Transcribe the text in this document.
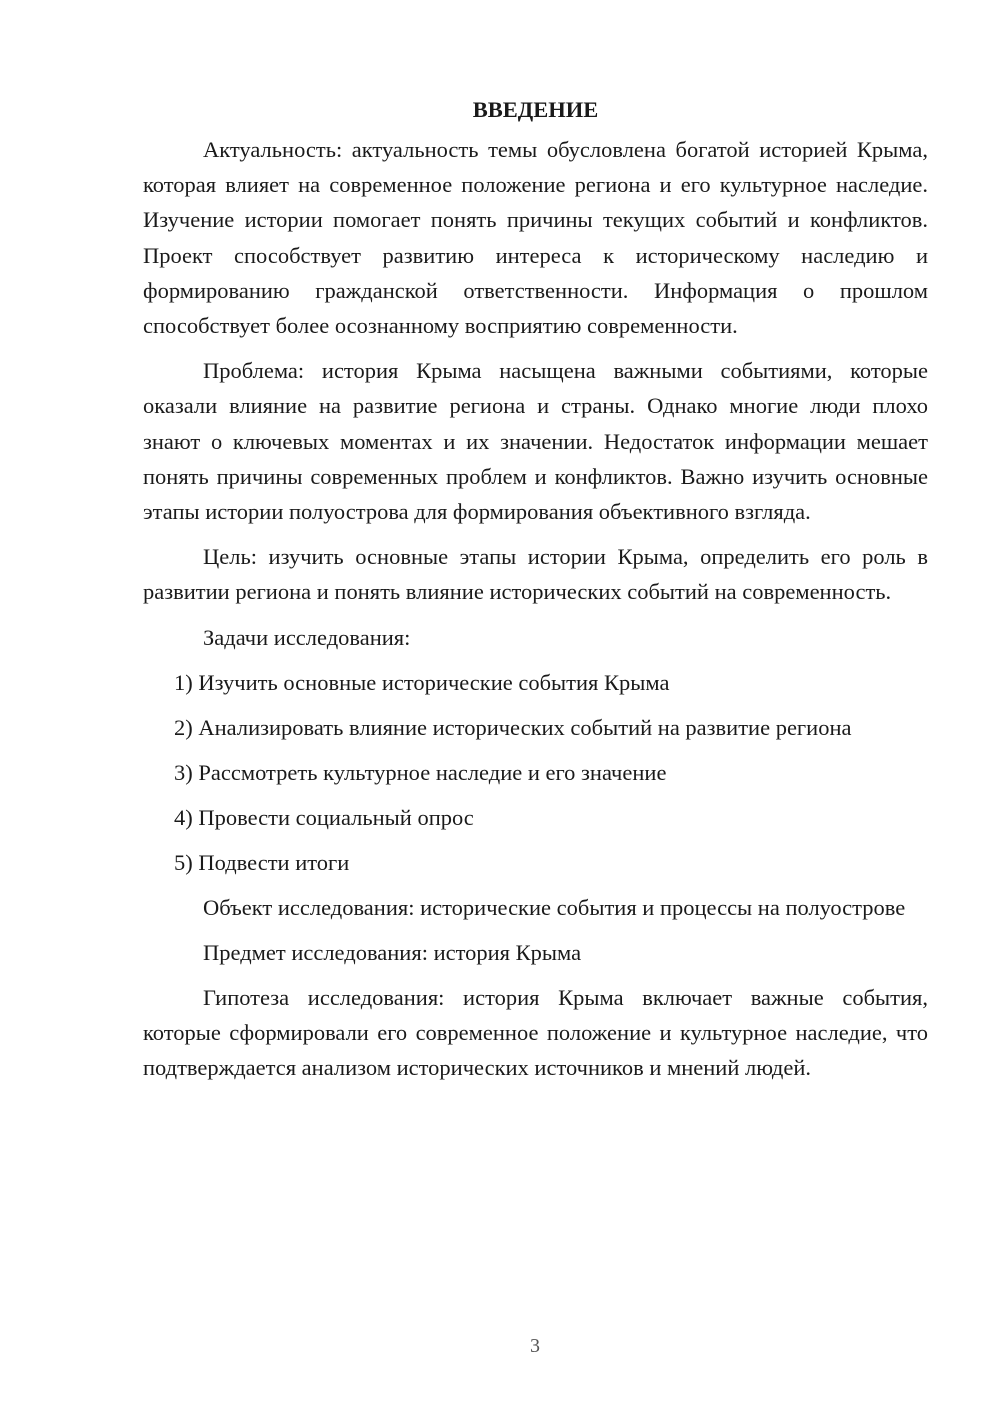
ВВЕДЕНИЕ

Актуальность: актуальность темы обусловлена богатой историей Крыма, которая влияет на современное положение региона и его культурное наследие. Изучение истории помогает понять причины текущих событий и конфликтов. Проект способствует развитию интереса к историческому наследию и формированию гражданской ответственности. Информация о прошлом способствует более осознанному восприятию современности.

Проблема: история Крыма насыщена важными событиями, которые оказали влияние на развитие региона и страны. Однако многие люди плохо знают о ключевых моментах и их значении. Недостаток информации мешает понять причины современных проблем и конфликтов. Важно изучить основные этапы истории полуострова для формирования объективного взгляда.

Цель: изучить основные этапы истории Крыма, определить его роль в развитии региона и понять влияние исторических событий на современность.

Задачи исследования:

1) Изучить основные исторические события Крыма
2) Анализировать влияние исторических событий на развитие региона
3) Рассмотреть культурное наследие и его значение
4) Провести социальный опрос
5) Подвести итоги

Объект исследования: исторические события и процессы на полуострове

Предмет исследования: история Крыма

Гипотеза исследования: история Крыма включает важные события, которые сформировали его современное положение и культурное наследие, что подтверждается анализом исторических источников и мнений людей.

3
